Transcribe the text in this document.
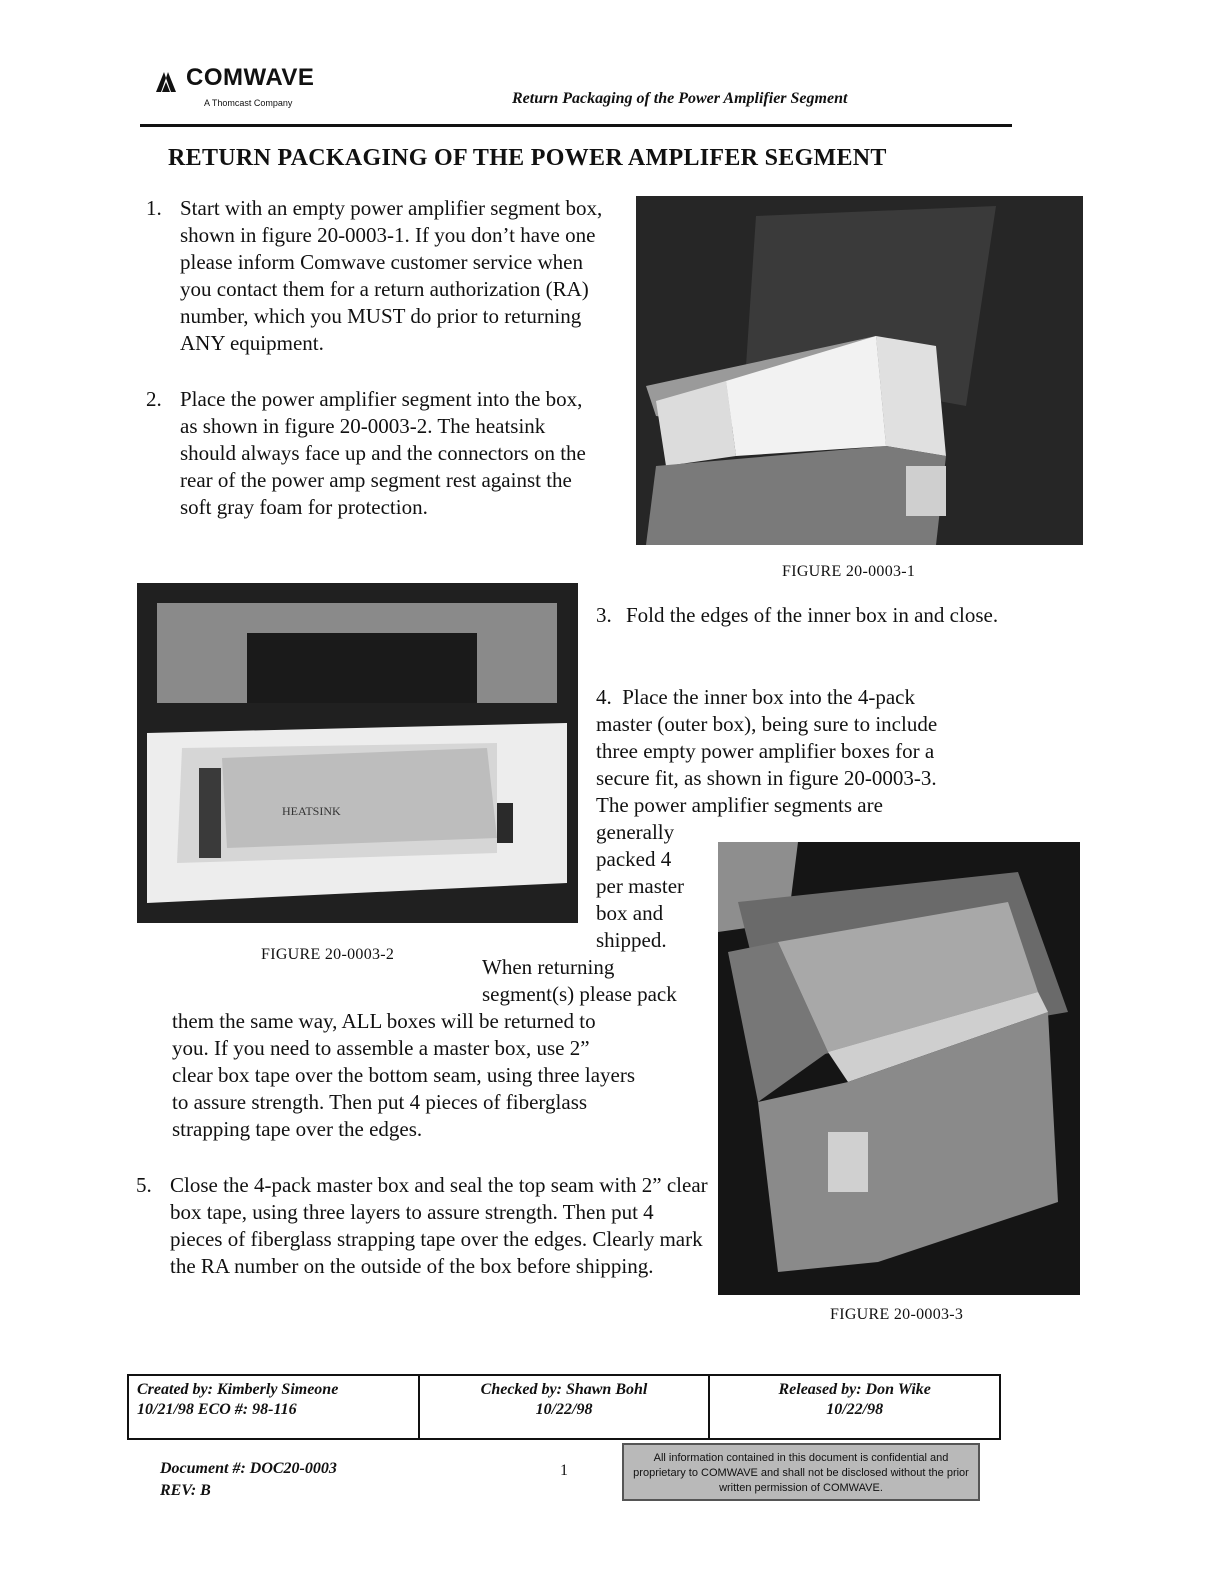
COMWAVE
A Thomcast Company	Return Packaging of the Power Amplifier Segment
RETURN PACKAGING OF THE POWER AMPLIFER SEGMENT
1. Start with an empty power amplifier segment box, shown in figure 20-0003-1. If you don’t have one please inform Comwave customer service when you contact them for a return authorization (RA) number, which you MUST do prior to returning ANY equipment.
2. Place the power amplifier segment into the box, as shown in figure 20-0003-2. The heatsink should always face up and the connectors on the rear of the power amp segment rest against the soft gray foam for protection.
FIGURE 20-0003-1
HEATSINK
FIGURE 20-0003-2
3. Fold the edges of the inner box in and close.
4. Place the inner box into the 4-pack
master (outer box), being sure to include
three empty power amplifier boxes for a
secure fit, as shown in figure 20-0003-3.
The power amplifier segments are
generally
packed 4
per master
box and
shipped.
When returning
segment(s) please pack
them the same way, ALL boxes will be returned to
you. If you need to assemble a master box, use 2”
clear box tape over the bottom seam, using three layers
to assure strength. Then put 4 pieces of fiberglass
strapping tape over the edges.
FIGURE 20-0003-3
5. Close the 4-pack master box and seal the top seam with 2” clear box tape, using three layers to assure strength. Then put 4 pieces of fiberglass strapping tape over the edges. Clearly mark the RA number on the outside of the box before shipping.
Created by: Kimberly Simeone
10/21/98 ECO #: 98-116
Checked by: Shawn Bohl
10/22/98
Released by: Don Wike
10/22/98
Document #: DOC20-0003
REV: B
1
All information contained in this document is confidential and proprietary to COMWAVE and shall not be disclosed without the prior written permission of COMWAVE.
